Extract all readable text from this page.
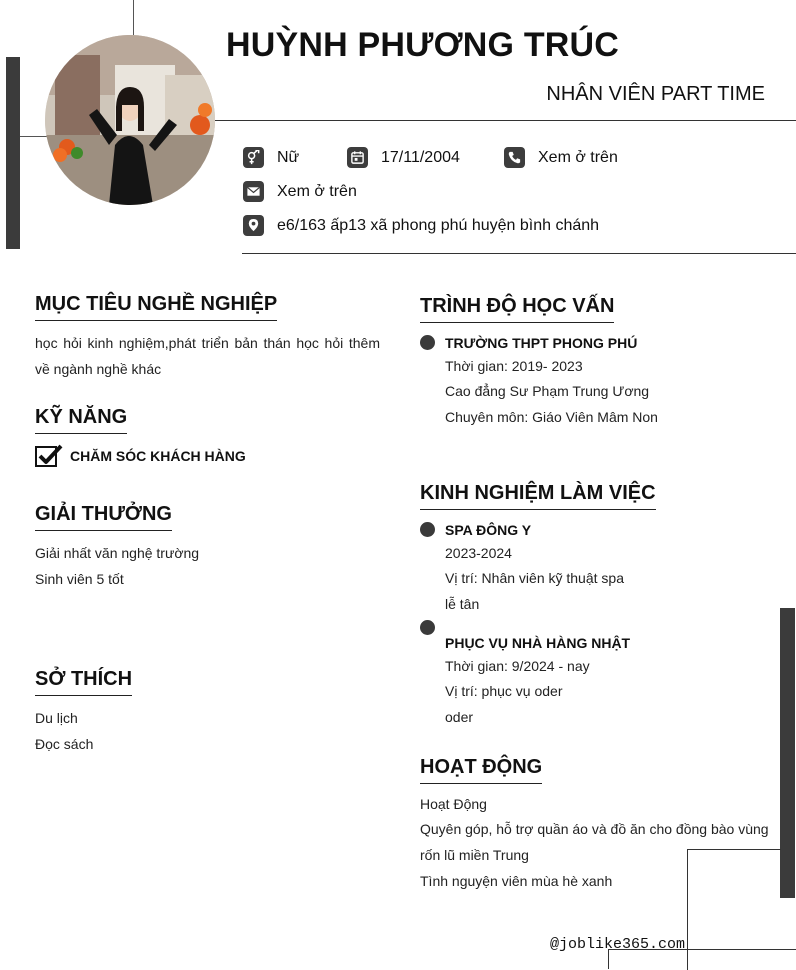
HUỲNH PHƯƠNG TRÚC
NHÂN VIÊN PART TIME
Nữ	17/11/2004	Xem ở trên
Xem ở trên
e6/163 ấp13 xã phong phú huyện bình chánh
MỤC TIÊU NGHỀ NGHIỆP
học hỏi kinh nghiệm,phát triển bản thán học hỏi thêm về ngành nghề khác
KỸ NĂNG
CHĂM SÓC KHÁCH HÀNG
GIẢI THƯỞNG
Giải nhất văn nghệ trường
Sinh viên 5 tốt
SỞ THÍCH
Du lịch
Đọc sách
TRÌNH ĐỘ HỌC VẤN
TRƯỜNG THPT PHONG PHÚ
Thời gian: 2019- 2023
Cao đẳng Sư Phạm Trung Ương
Chuyên môn: Giáo Viên Mâm Non
KINH NGHIỆM LÀM VIỆC
SPA ĐÔNG Y
2023-2024
Vị trí: Nhân viên kỹ thuật spa
lễ tân
PHỤC VỤ NHÀ HÀNG NHẬT
Thời gian: 9/2024 - nay
Vị trí: phục vụ oder
oder
HOẠT ĐỘNG
Hoạt Động
Quyên góp, hỗ trợ quần áo và đồ ăn cho đồng bào vùng rốn lũ miền Trung
Tình nguyện viên mùa hè xanh
@joblike365.com
